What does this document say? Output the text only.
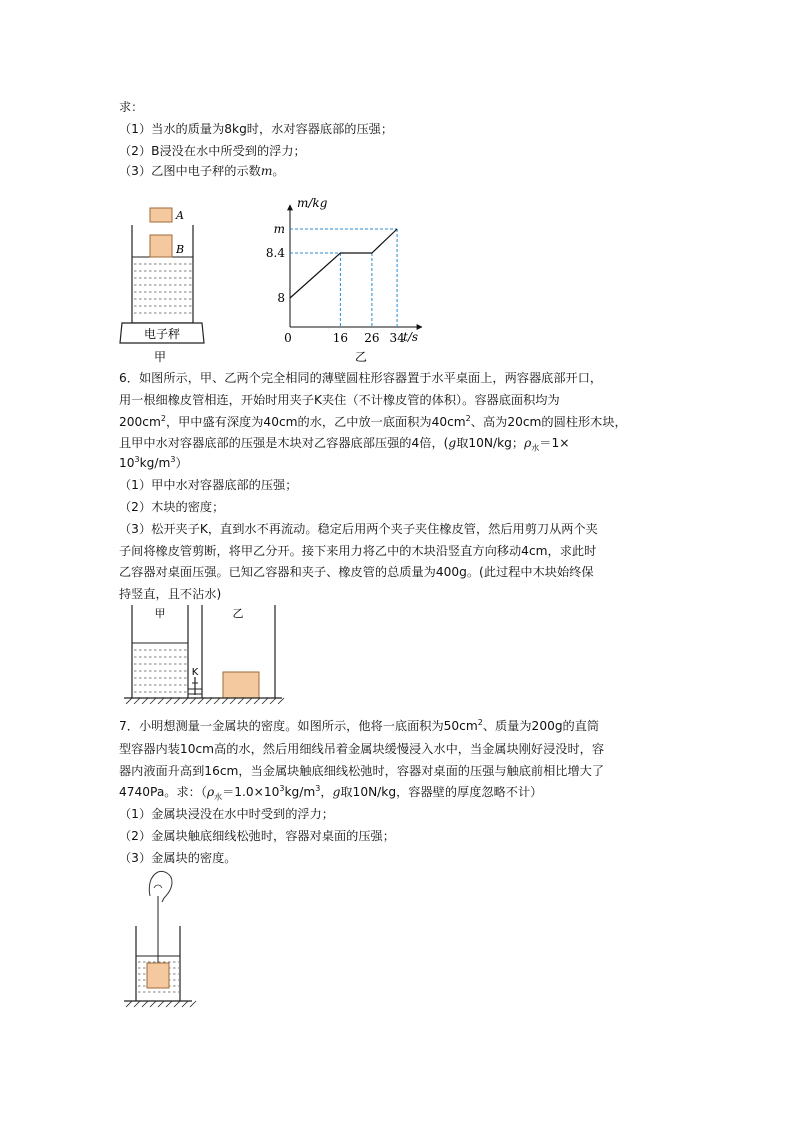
求：
（1）当水的质量为8kg时，水对容器底部的压强；
（2）B浸没在水中所受到的浮力；
（3）乙图中电子秤的示数m。
电子秤
A
B
甲
m/kg
t/s
0	16 26 34
8
8.4
m
乙
6．如图所示，甲、乙两个完全相同的薄壁圆柱形容器置于水平桌面上，两容器底部开口，
用一根细橡皮管相连，开始时用夹子K夹住（不计橡皮管的体积）。容器底面积均为
$200cm^2$，甲中盛有深度为40cm的水，乙中放一底面积为$40cm^2$、高为20cm的圆柱形木块，
且甲中水对容器底部的压强是木块对乙容器底部压强的4倍，(g取10N/kg；$\rho_水=1\times$
$10^3kg/m^3$）
（1）甲中水对容器底部的压强；
（2）木块的密度；
（3）松开夹子K，直到水不再流动。稳定后用两个夹子夹住橡皮管，然后用剪刀从两个夹
子间将橡皮管剪断，将甲乙分开。接下来用力将乙中的木块沿竖直方向移动4cm，求此时
乙容器对桌面压强。已知乙容器和夹子、橡皮管的总质量为400g。(此过程中木块始终保
持竖直，且不沾水)
甲	乙
K
7．小明想测量一金属块的密度。如图所示，他将一底面积为$50cm^2$、质量为200g的直筒
型容器内装10cm高的水，然后用细线吊着金属块缓慢浸入水中，当金属块刚好浸没时，容
器内液面升高到16cm，当金属块触底细线松弛时，容器对桌面的压强与触底前相比增大了
4740Pa。求：（$\rho_水=1.0\times 10^3kg/m^3$，g取10N/kg，容器壁的厚度忽略不计）
（1）金属块浸没在水中时受到的浮力；
（2）金属块触底细线松弛时，容器对桌面的压强；
（3）金属块的密度。
